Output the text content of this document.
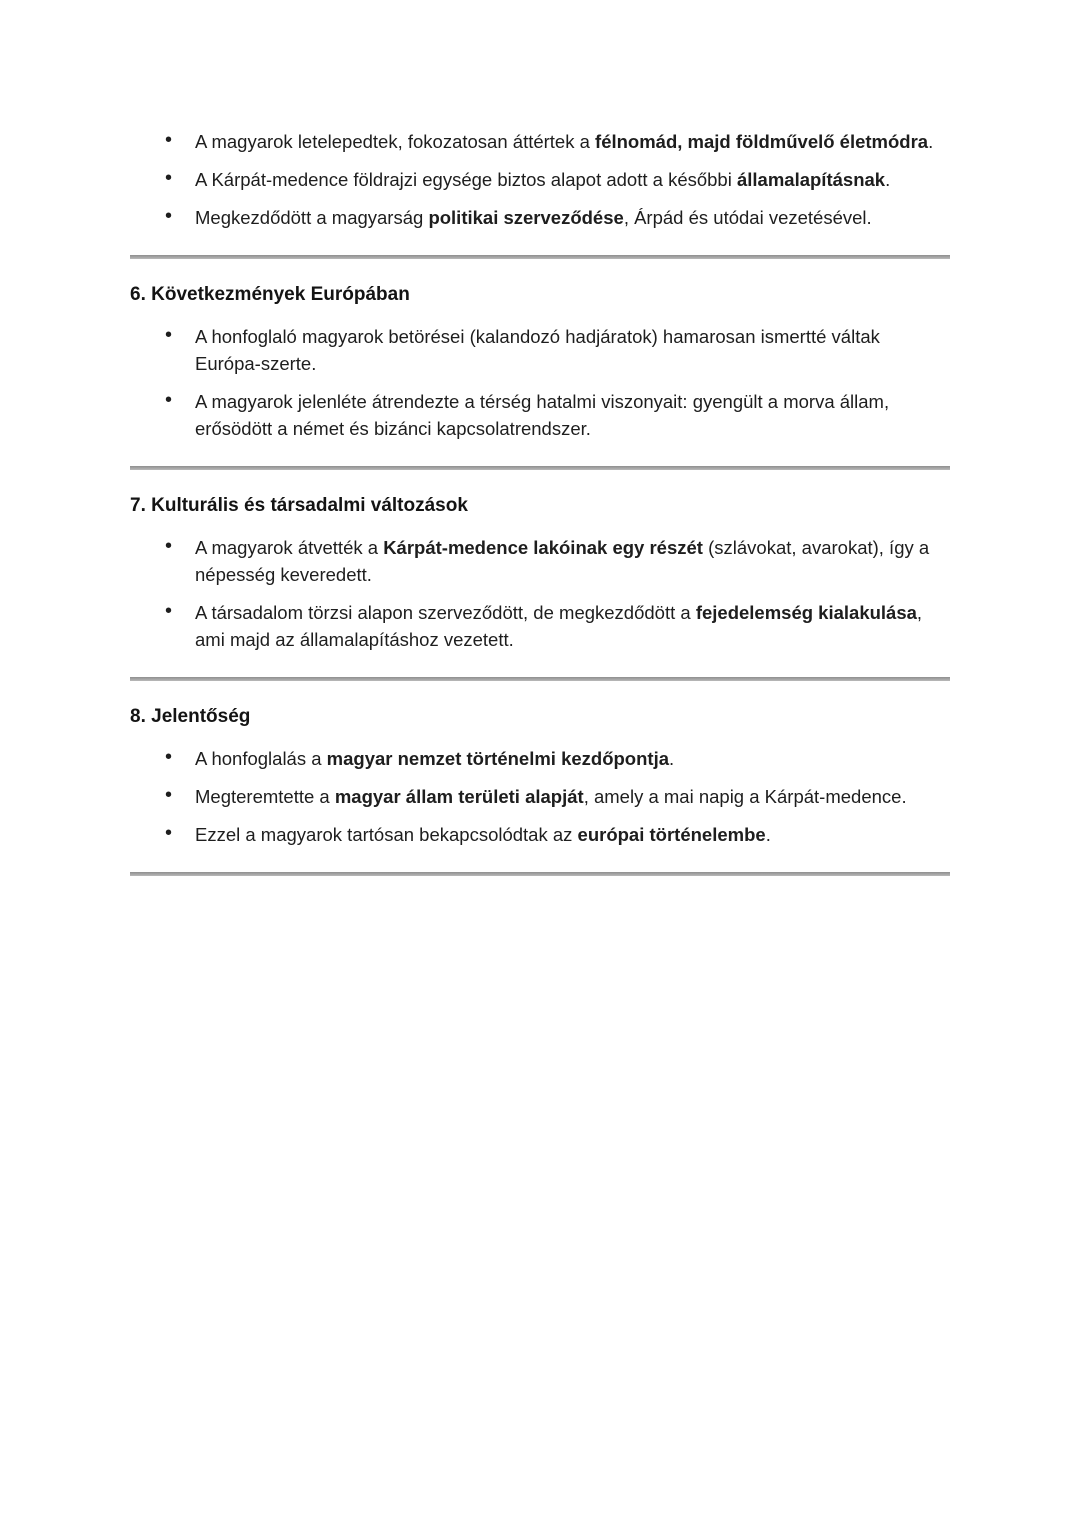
• A magyarok letelepedtek, fokozatosan áttértek a félnomád, majd földművelő életmódra.
• A Kárpát-medence földrajzi egysége biztos alapot adott a későbbi államalapításnak.
• Megkezdődött a magyarság politikai szerveződése, Árpád és utódai vezetésével.
6. Következmények Európában
• A honfoglaló magyarok betörései (kalandozó hadjáratok) hamarosan ismertté váltak Európa-szerte.
• A magyarok jelenléte átrendezte a térség hatalmi viszonyait: gyengült a morva állam, erősödött a német és bizánci kapcsolatrendszer.
7. Kulturális és társadalmi változások
• A magyarok átvették a Kárpát-medence lakóinak egy részét (szlávokat, avarokat), így a népesség keveredett.
• A társadalom törzsi alapon szerveződött, de megkezdődött a fejedelemség kialakulása, ami majd az államalapításhoz vezetett.
8. Jelentőség
• A honfoglalás a magyar nemzet történelmi kezdőpontja.
• Megteremtette a magyar állam területi alapját, amely a mai napig a Kárpát-medence.
• Ezzel a magyarok tartósan bekapcsolódtak az európai történelembe.
